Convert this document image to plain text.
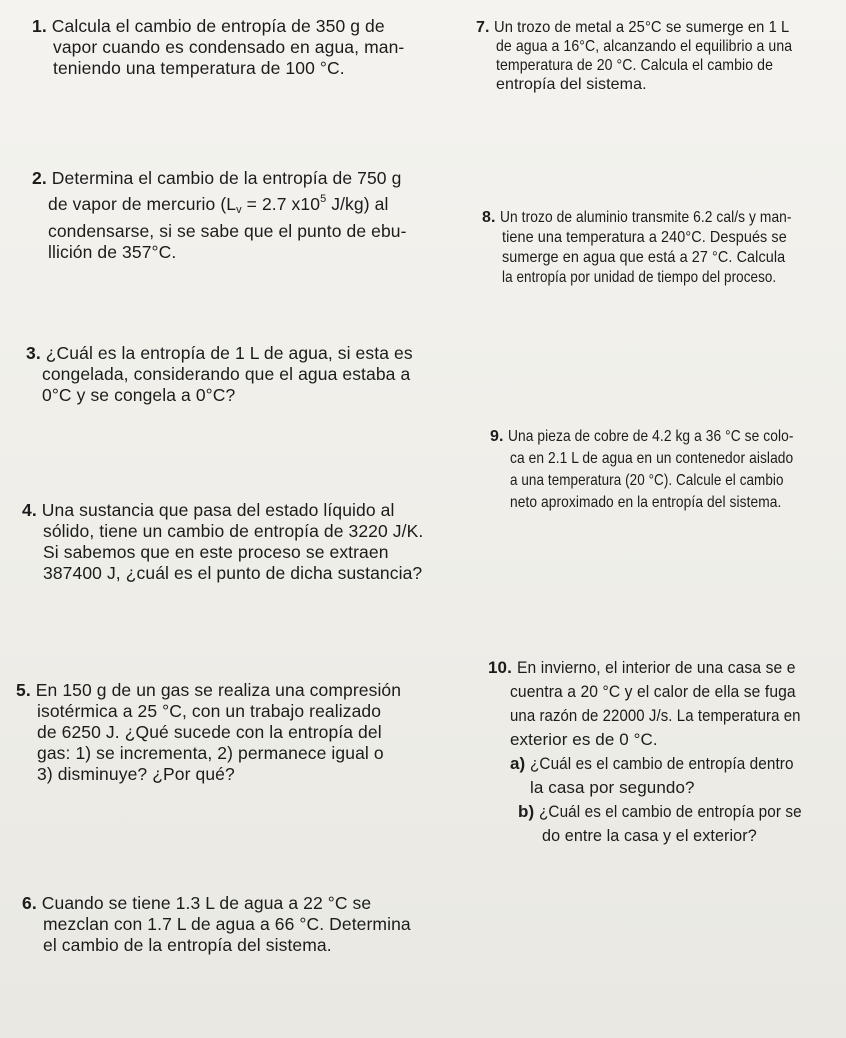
1. Calcula el cambio de entropía de 350 g de
vapor cuando es condensado en agua, man-
teniendo una temperatura de 100 °C.
2. Determina el cambio de la entropía de 750 g
de vapor de mercurio ($L_v = 2.7$ $x10^5$ J/kg) al
condensarse, si se sabe que el punto de ebu-
llición de 357°C.
3. ¿Cuál es la entropía de 1 L de agua, si esta es
congelada, considerando que el agua estaba a
0°C y se congela a 0°C?
4. Una sustancia que pasa del estado líquido al
sólido, tiene un cambio de entropía de 3220 J/K.
Si sabemos que en este proceso se extraen
387400 J, ¿cuál es el punto de dicha sustancia?
5. En 150 g de un gas se realiza una compresión
isotérmica a 25 °C, con un trabajo realizado
de 6250 J. ¿Qué sucede con la entropía del
gas: 1) se incrementa, 2) permanece igual o
3) disminuye? ¿Por qué?
6. Cuando se tiene 1.3 L de agua a 22 °C se
mezclan con 1.7 L de agua a 66 °C. Determina
el cambio de la entropía del sistema.
7. Un trozo de metal a 25°C se sumerge en 1 L
de agua a 16°C, alcanzando el equilibrio a una
temperatura de 20 °C. Calcula el cambio de
entropía del sistema.
8. Un trozo de aluminio transmite 6.2 cal/s y man-
tiene una temperatura a 240°C. Después se
sumerge en agua que está a 27 °C. Calcula
la entropía por unidad de tiempo del proceso.
9. Una pieza de cobre de 4.2 kg a 36 °C se colo-
ca en 2.1 L de agua en un contenedor aislado
a una temperatura (20 °C). Calcule el cambio
neto aproximado en la entropía del sistema.
10. En invierno, el interior de una casa se e
cuentra a 20 °C y el calor de ella se fuga
una razón de 22000 J/s. La temperatura en
exterior es de 0 °C.
a) ¿Cuál es el cambio de entropía dentro
la casa por segundo?
b) ¿Cuál es el cambio de entropía por se
do entre la casa y el exterior?
